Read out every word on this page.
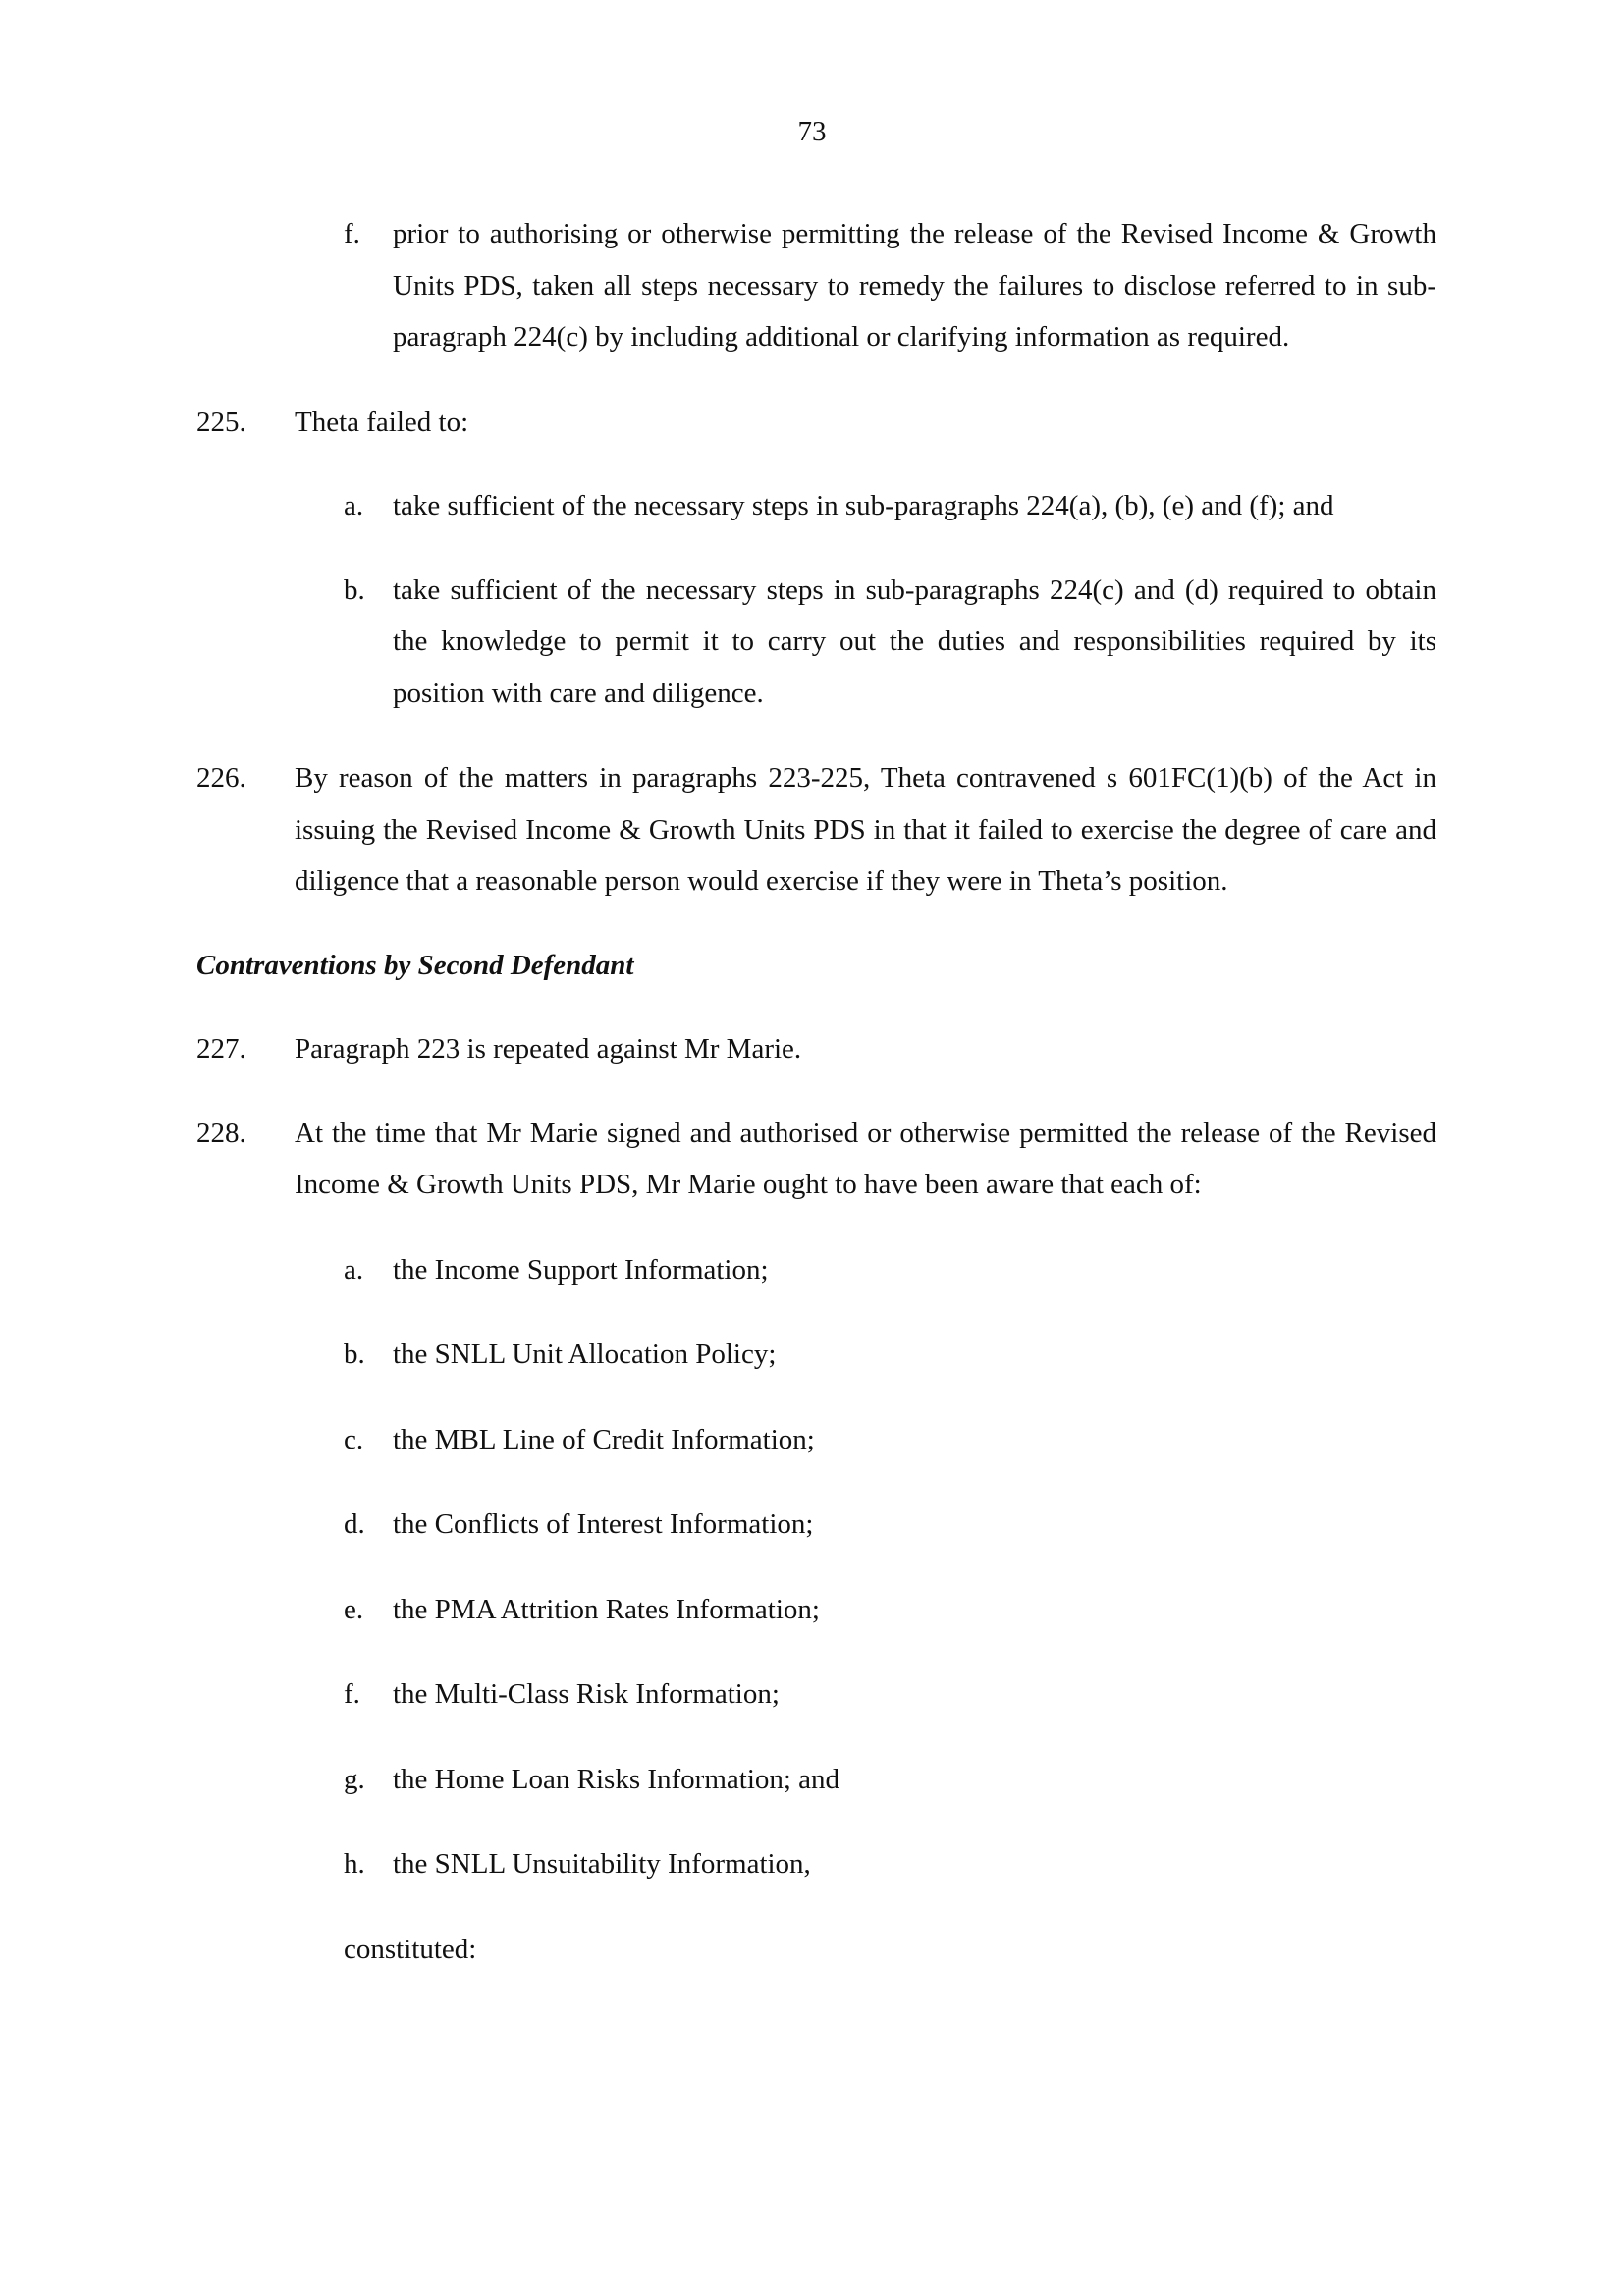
73
f. prior to authorising or otherwise permitting the release of the Revised Income & Growth Units PDS, taken all steps necessary to remedy the failures to disclose referred to in sub-paragraph 224(c) by including additional or clarifying information as required.
225. Theta failed to:
a. take sufficient of the necessary steps in sub-paragraphs 224(a), (b), (e) and (f); and
b. take sufficient of the necessary steps in sub-paragraphs 224(c) and (d) required to obtain the knowledge to permit it to carry out the duties and responsibilities required by its position with care and diligence.
226. By reason of the matters in paragraphs 223-225, Theta contravened s 601FC(1)(b) of the Act in issuing the Revised Income & Growth Units PDS in that it failed to exercise the degree of care and diligence that a reasonable person would exercise if they were in Theta’s position.
Contraventions by Second Defendant
227. Paragraph 223 is repeated against Mr Marie.
228. At the time that Mr Marie signed and authorised or otherwise permitted the release of the Revised Income & Growth Units PDS, Mr Marie ought to have been aware that each of:
a. the Income Support Information;
b. the SNLL Unit Allocation Policy;
c. the MBL Line of Credit Information;
d. the Conflicts of Interest Information;
e. the PMA Attrition Rates Information;
f. the Multi-Class Risk Information;
g. the Home Loan Risks Information; and
h. the SNLL Unsuitability Information,
constituted:
